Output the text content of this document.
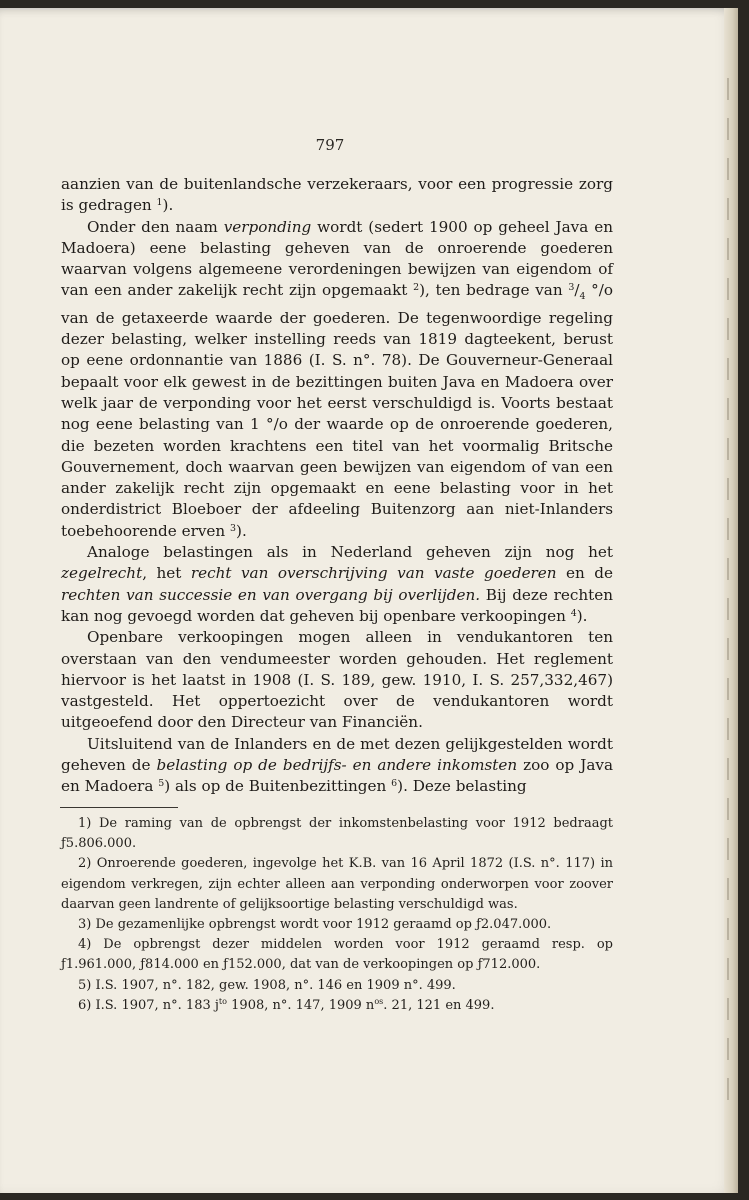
797

aanzien van de buitenlandsche verzekeraars, voor een progressie zorg is gedragen $^1$).

Onder den naam verponding wordt (sedert 1900 op geheel Java en Madoera) eene belasting geheven van de onroerende goederen waarvan volgens algemeene verordeningen bewijzen van eigendom of van een ander zakelijk recht zijn opgemaakt $^2$), ten bedrage van $^3/_4$ °/o van de getaxeerde waarde der goederen. De tegenwoordige regeling dezer belasting, welker instelling reeds van 1819 dagteekent, berust op eene ordonnantie van 1886 (I. S. n°. 78). De Gouverneur-Generaal bepaalt voor elk gewest in de bezittingen buiten Java en Madoera over welk jaar de verponding voor het eerst verschuldigd is. Voorts bestaat nog eene belasting van 1 °/o der waarde op de onroerende goederen, die bezeten worden krachtens een titel van het voormalig Britsche Gouvernement, doch waarvan geen bewijzen van eigendom of van een ander zakelijk recht zijn opgemaakt en eene belasting voor in het onderdistrict Bloeboer der afdeeling Buitenzorg aan niet-Inlanders toebehoorende erven $^3$).

Analoge belastingen als in Nederland geheven zijn nog het zegelrecht, het recht van overschrijving van vaste goederen en de rechten van successie en van overgang bij overlijden. Bij deze rechten kan nog gevoegd worden dat geheven bij openbare verkoopingen $^4$).

Openbare verkoopingen mogen alleen in vendukantoren ten overstaan van den vendumeester worden gehouden. Het reglement hiervoor is het laatst in 1908 (I. S. 189, gew. 1910, I. S. 257,332,467) vastgesteld. Het oppertoezicht over de vendukantoren wordt uitgeoefend door den Directeur van Financiën.

Uitsluitend van de Inlanders en de met dezen gelijkgestelden wordt geheven de belasting op de bedrijfs- en andere inkomsten zoo op Java en Madoera $^5$) als op de Buitenbezittingen $^6$). Deze belasting

1) De raming van de opbrengst der inkomstenbelasting voor 1912 bedraagt ƒ5.806.000.

2) Onroerende goederen, ingevolge het K.B. van 16 April 1872 (I.S. n°. 117) in eigendom verkregen, zijn echter alleen aan verponding onderworpen voor zoover daarvan geen landrente of gelijksoortige belasting verschuldigd was.

3) De gezamenlijke opbrengst wordt voor 1912 geraamd op ƒ2.047.000.

4) De opbrengst dezer middelen worden voor 1912 geraamd resp. op ƒ1.961.000, ƒ814.000 en ƒ152.000, dat van de verkoopingen op ƒ712.000.

5) I.S. 1907, n°. 182, gew. 1908, n°. 146 en 1909 n°. 499.

6) I.S. 1907, n°. 183 $j^{to}$ 1908, n°. 147, 1909 $n^{os}$. 21, 121 en 499.
